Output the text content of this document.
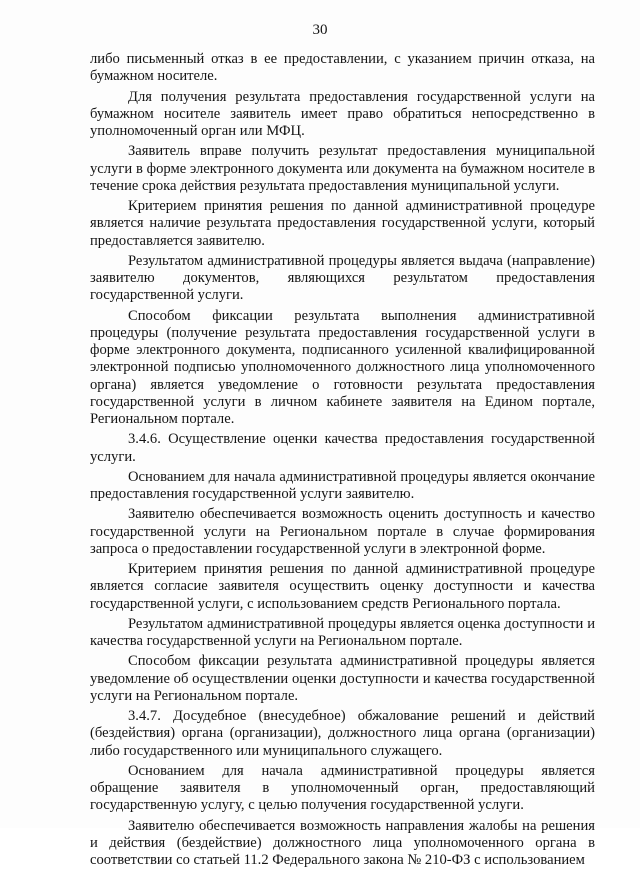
30

либо письменный отказ в ее предоставлении, с указанием причин отказа, на бумажном носителе.

Для получения результата предоставления государственной услуги на бумажном носителе заявитель имеет право обратиться непосредственно в уполномоченный орган или МФЦ.

Заявитель вправе получить результат предоставления муниципальной услуги в форме электронного документа или документа на бумажном носителе в течение срока действия результата предоставления муниципальной услуги.

Критерием принятия решения по данной административной процедуре является наличие результата предоставления государственной услуги, который предоставляется заявителю.

Результатом административной процедуры является выдача (направление) заявителю документов, являющихся результатом предоставления государственной услуги.

Способом фиксации результата выполнения административной процедуры (получение результата предоставления государственной услуги в форме электронного документа, подписанного усиленной квалифицированной электронной подписью уполномоченного должностного лица уполномоченного органа) является уведомление о готовности результата предоставления государственной услуги в личном кабинете заявителя на Едином портале, Региональном портале.

3.4.6. Осуществление оценки качества предоставления государственной услуги.

Основанием для начала административной процедуры является окончание предоставления государственной услуги заявителю.

Заявителю обеспечивается возможность оценить доступность и качество государственной услуги на Региональном портале в случае формирования запроса о предоставлении государственной услуги в электронной форме.

Критерием принятия решения по данной административной процедуре является согласие заявителя осуществить оценку доступности и качества государственной услуги, с использованием средств Регионального портала.

Результатом административной процедуры является оценка доступности и качества государственной услуги на Региональном портале.

Способом фиксации результата административной процедуры является уведомление об осуществлении оценки доступности и качества государственной услуги на Региональном портале.

3.4.7. Досудебное (внесудебное) обжалование решений и действий (бездействия) органа (организации), должностного лица органа (организации) либо государственного или муниципального служащего.

Основанием для начала административной процедуры является обращение заявителя в уполномоченный орган, предоставляющий государственную услугу, с целью получения государственной услуги.

Заявителю обеспечивается возможность направления жалобы на решения и действия (бездействие) должностного лица уполномоченного органа в соответствии со статьей 11.2 Федерального закона № 210-ФЗ с использованием
